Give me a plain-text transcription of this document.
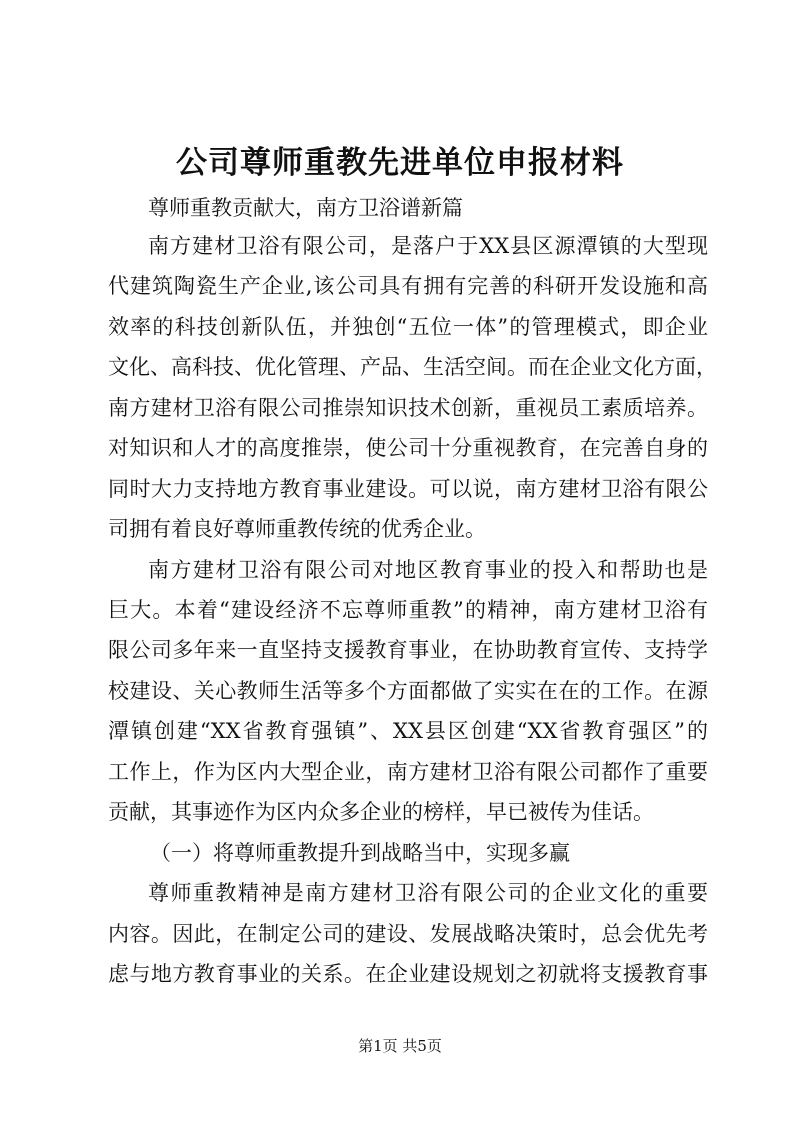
公司尊师重教先进单位申报材料
尊师重教贡献大，南方卫浴谱新篇
南方建材卫浴有限公司，是落户于XX县区源潭镇的大型现
代建筑陶瓷生产企业,该公司具有拥有完善的科研开发设施和高
效率的科技创新队伍，并独创“五位一体”的管理模式，即企业
文化、高科技、优化管理、产品、生活空间。而在企业文化方面，
南方建材卫浴有限公司推崇知识技术创新，重视员工素质培养。
对知识和人才的高度推崇，使公司十分重视教育，在完善自身的
同时大力支持地方教育事业建设。可以说，南方建材卫浴有限公
司拥有着良好尊师重教传统的优秀企业。
南方建材卫浴有限公司对地区教育事业的投入和帮助也是
巨大。本着“建设经济不忘尊师重教”的精神，南方建材卫浴有
限公司多年来一直坚持支援教育事业，在协助教育宣传、支持学
校建设、关心教师生活等多个方面都做了实实在在的工作。在源
潭镇创建“XX省教育强镇”、XX县区创建“XX省教育强区”的
工作上，作为区内大型企业，南方建材卫浴有限公司都作了重要
贡献，其事迹作为区内众多企业的榜样，早已被传为佳话。
（一）将尊师重教提升到战略当中，实现多赢
尊师重教精神是南方建材卫浴有限公司的企业文化的重要
内容。因此，在制定公司的建设、发展战略决策时，总会优先考
虑与地方教育事业的关系。在企业建设规划之初就将支援教育事
第1页 共5页
